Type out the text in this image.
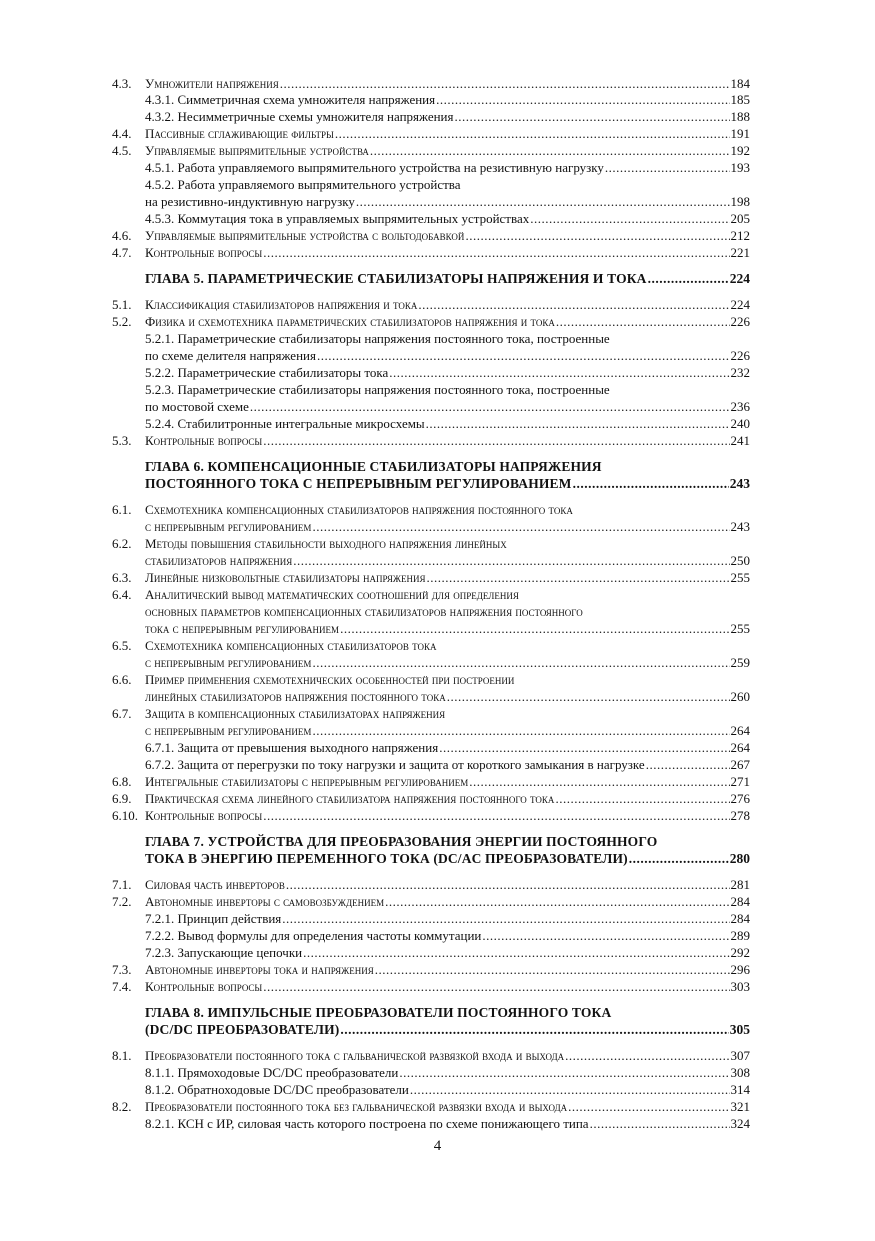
4.3. Умножители напряжения .....	184
4.3.1. Симметричная схема умножителя напряжения .....	185
4.3.2. Несимметричные схемы умножителя напряжения .....	188
4.4. Пассивные сглаживающие фильтры .....	191
4.5. Управляемые выпрямительные устройства .....	192
4.5.1. Работа управляемого выпрямительного устройства на резистивную нагрузку .....	193
4.5.2. Работа управляемого выпрямительного устройства
на резистивно-индуктивную нагрузку .....	198
4.5.3. Коммутация тока в управляемых выпрямительных устройствах .....	205
4.6. Управляемые выпрямительные устройства с вольтодобавкой .....	212
4.7. Контрольные вопросы .....	221
ГЛАВА 5. ПАРАМЕТРИЧЕСКИЕ СТАБИЛИЗАТОРЫ НАПРЯЖЕНИЯ И ТОКА .....	224
5.1. Классификация стабилизаторов напряжения и тока .....	224
5.2. Физика и схемотехника параметрических стабилизаторов напряжения и тока .....	226
5.2.1. Параметрические стабилизаторы напряжения постоянного тока, построенные
по схеме делителя напряжения .....	226
5.2.2. Параметрические стабилизаторы тока .....	232
5.2.3. Параметрические стабилизаторы напряжения постоянного тока, построенные
по мостовой схеме .....	236
5.2.4. Стабилитронные интегральные микросхемы .....	240
5.3. Контрольные вопросы .....	241
ГЛАВА 6. КОМПЕНСАЦИОННЫЕ СТАБИЛИЗАТОРЫ НАПРЯЖЕНИЯ
ПОСТОЯННОГО ТОКА С НЕПРЕРЫВНЫМ РЕГУЛИРОВАНИЕМ .....	243
6.1. Схемотехника компенсационных стабилизаторов напряжения постоянного тока
с непрерывным регулированием .....	243
6.2. Методы повышения стабильности выходного напряжения линейных
стабилизаторов напряжения .....	250
6.3. Линейные низковольтные стабилизаторы напряжения .....	255
6.4. Аналитический вывод математических соотношений для определения
основных параметров компенсационных стабилизаторов напряжения постоянного
тока с непрерывным регулированием .....	255
6.5. Схемотехника компенсационных стабилизаторов тока
с непрерывным регулированием .....	259
6.6. Пример применения схемотехнических особенностей при построении
линейных стабилизаторов напряжения постоянного тока .....	260
6.7. Защита в компенсационных стабилизаторах напряжения
с непрерывным регулированием .....	264
6.7.1. Защита от превышения выходного напряжения .....	264
6.7.2. Защита от перегрузки по току нагрузки и защита от короткого замыкания в нагрузке .....	267
6.8. Интегральные стабилизаторы с непрерывным регулированием .....	271
6.9. Практическая схема линейного стабилизатора напряжения постоянного тока .....	276
6.10. Контрольные вопросы .....	278
ГЛАВА 7. УСТРОЙСТВА ДЛЯ ПРЕОБРАЗОВАНИЯ ЭНЕРГИИ ПОСТОЯННОГО
ТОКА В ЭНЕРГИЮ ПЕРЕМЕННОГО ТОКА (DC/AC ПРЕОБРАЗОВАТЕЛИ) .....	280
7.1. Силовая часть инверторов .....	281
7.2. Автономные инверторы с самовозбуждением .....	284
7.2.1. Принцип действия .....	284
7.2.2. Вывод формулы для определения частоты коммутации .....	289
7.2.3. Запускающие цепочки .....	292
7.3. Автономные инверторы тока и напряжения .....	296
7.4. Контрольные вопросы .....	303
ГЛАВА 8. ИМПУЛЬСНЫЕ ПРЕОБРАЗОВАТЕЛИ ПОСТОЯННОГО ТОКА
(DC/DC ПРЕОБРАЗОВАТЕЛИ) .....	305
8.1. Преобразователи постоянного тока с гальванической развязкой входа и выхода .....	307
8.1.1. Прямоходовые DC/DC преобразователи .....	308
8.1.2. Обратноходовые DC/DC преобразователи .....	314
8.2. Преобразователи постоянного тока без гальванической развязки входа и выхода .....	321
8.2.1. КСН с ИР, силовая часть которого построена по схеме понижающего типа .....	324
4
